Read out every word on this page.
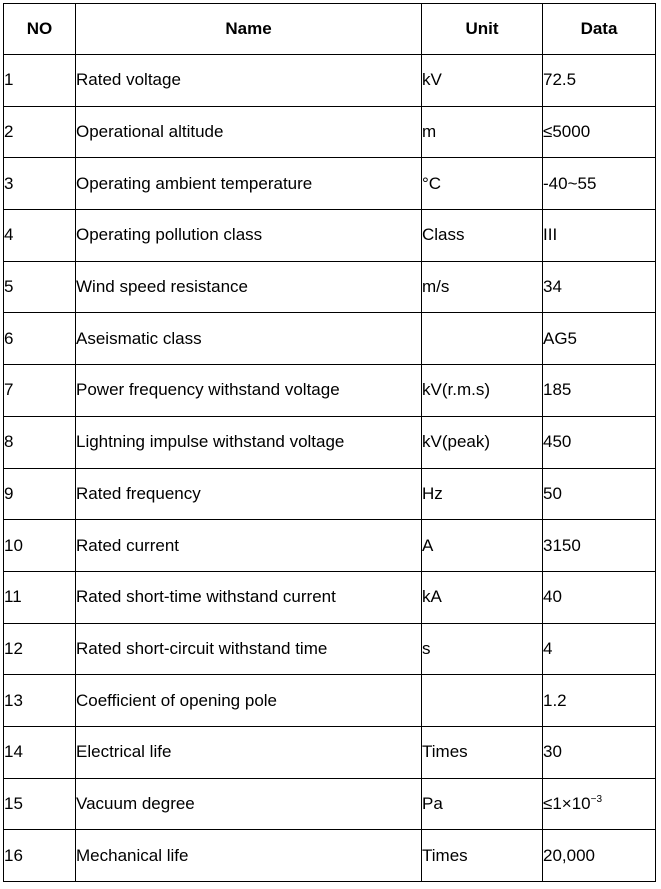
NO	Name	Unit	Data
1	Rated voltage	kV	72.5
2	Operational altitude	m	≤5000
3	Operating ambient temperature	°C	-40~55
4	Operating pollution class	Class	III
5	Wind speed resistance	m/s	34
6	Aseismatic class		AG5
7	Power frequency withstand voltage	kV(r.m.s)	185
8	Lightning impulse withstand voltage	kV(peak)	450
9	Rated frequency	Hz	50
10	Rated current	A	3150
11	Rated short-time withstand current	kA	40
12	Rated short-circuit withstand time	s	4
13	Coefficient of opening pole		1.2
14	Electrical life	Times	30
15	Vacuum degree	Pa	$\le 1\times 10^{-3}$
16	Mechanical life	Times	20,000
